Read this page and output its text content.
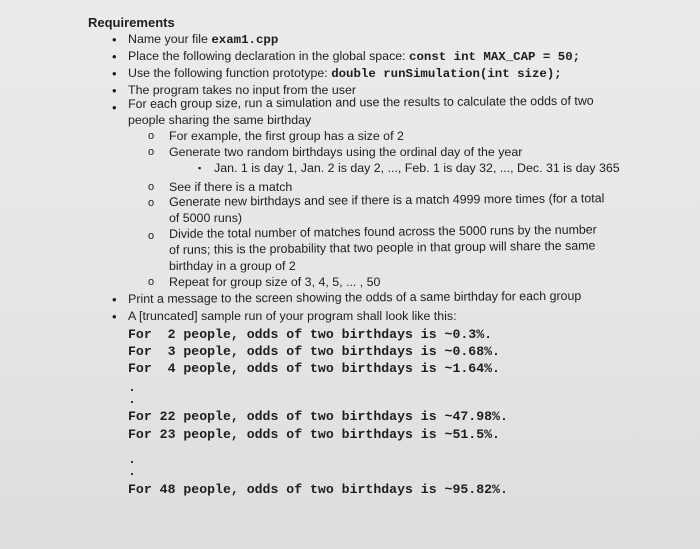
Requirements
• Name your file exam1.cpp
• Place the following declaration in the global space: const int MAX_CAP = 50;
• Use the following function prototype: double runSimulation(int size);
• The program takes no input from the user
• For each group size, run a simulation and use the results to calculate the odds of two
people sharing the same birthday
o For example, the first group has a size of 2
o Generate two random birthdays using the ordinal day of the year
▪ Jan. 1 is day 1, Jan. 2 is day 2, ..., Feb. 1 is day 32, ..., Dec. 31 is day 365
o See if there is a match
o Generate new birthdays and see if there is a match 4999 more times (for a total
of 5000 runs)
o Divide the total number of matches found across the 5000 runs by the number
of runs; this is the probability that two people in that group will share the same
birthday in a group of 2
o Repeat for group size of 3, 4, 5, ... , 50
• Print a message to the screen showing the odds of a same birthday for each group
• A [truncated] sample run of your program shall look like this:
For  2 people, odds of two birthdays is ~0.3%.
For  3 people, odds of two birthdays is ~0.68%.
For  4 people, odds of two birthdays is ~1.64%.
.
.
For 22 people, odds of two birthdays is ~47.98%.
For 23 people, odds of two birthdays is ~51.5%.
.
.
For 48 people, odds of two birthdays is ~95.82%.
